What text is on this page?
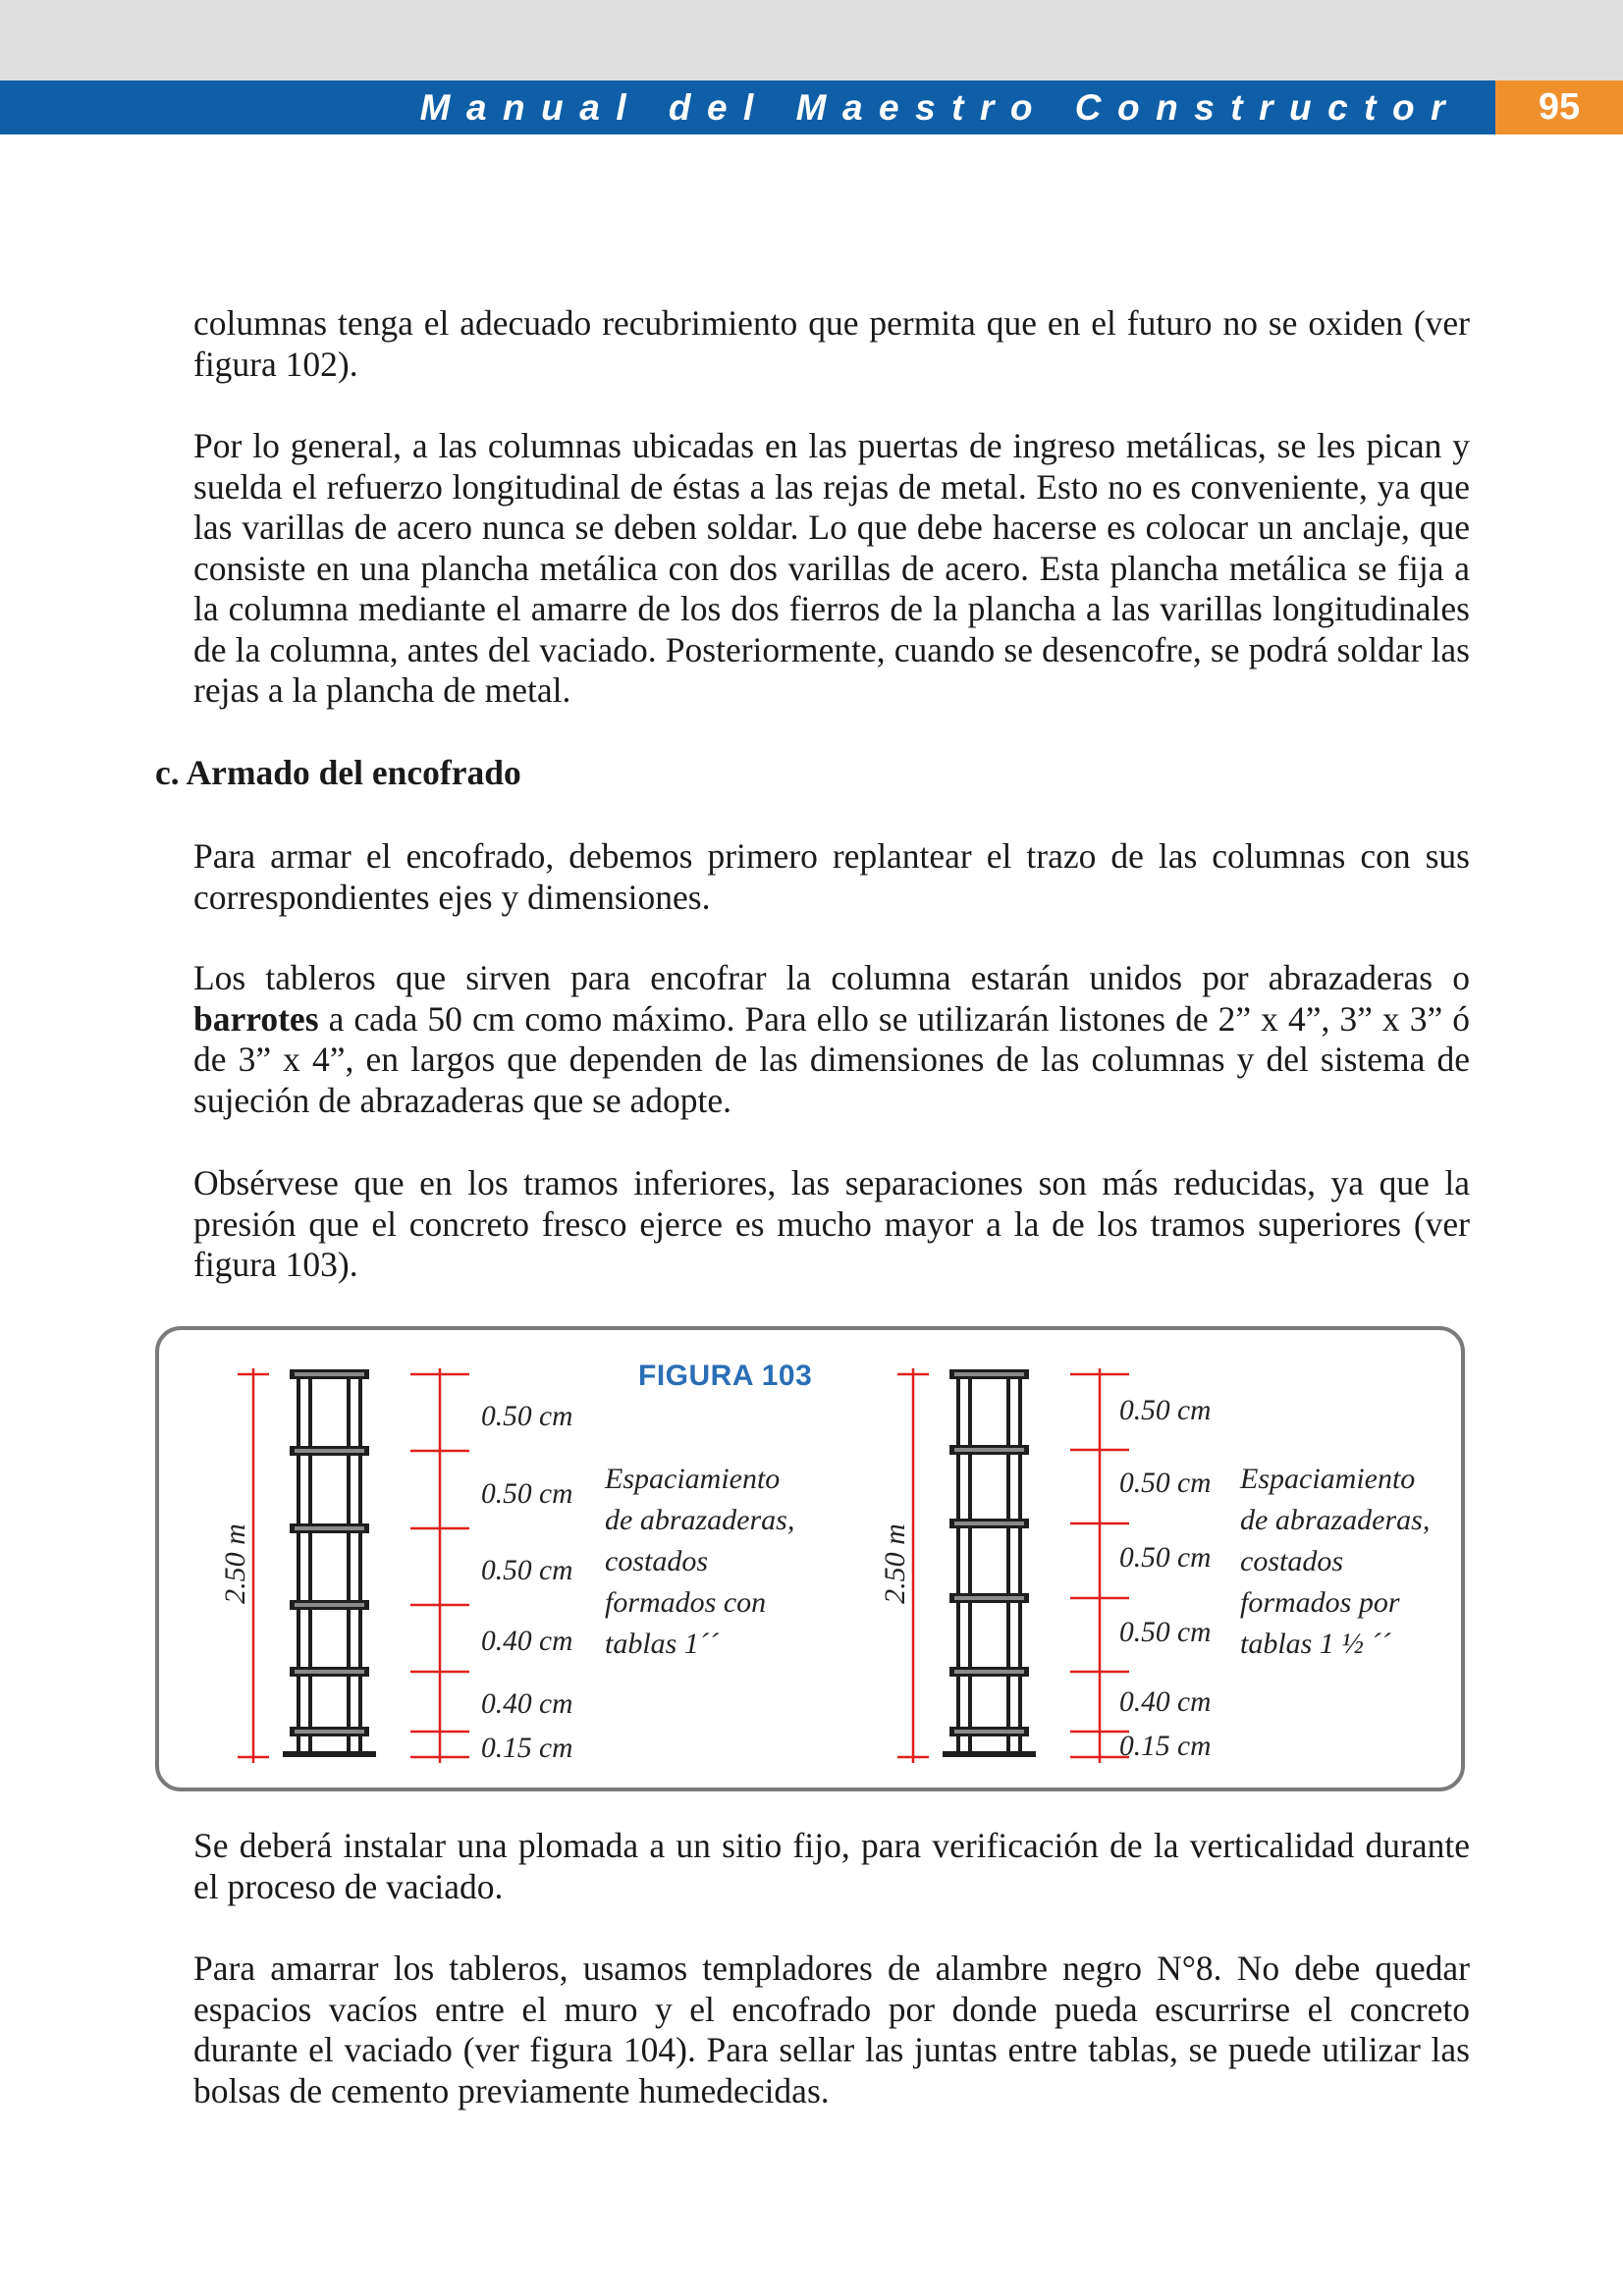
Manual del Maestro Constructor	95

columnas tenga el adecuado recubrimiento que permita que en el futuro no se oxiden (ver figura 102).

Por lo general, a las columnas ubicadas en las puertas de ingreso metálicas, se les pican y suelda el refuerzo longitudinal de éstas a las rejas de metal. Esto no es conveniente, ya que las varillas de acero nunca se deben soldar. Lo que debe hacerse es colocar un anclaje, que consiste en una plancha metálica con dos varillas de acero. Esta plancha metálica se fija a la columna mediante el amarre de los dos fierros de la plancha a las varillas longitudinales de la columna, antes del vaciado. Posteriormente, cuando se desencofre, se podrá soldar las rejas a la plancha de metal.

c. Armado del encofrado

Para armar el encofrado, debemos primero replantear el trazo de las columnas con sus correspondientes ejes y dimensiones.

Los tableros que sirven para encofrar la columna estarán unidos por abrazaderas o barrotes a cada 50 cm como máximo. Para ello se utilizarán listones de 2” x 4”, 3” x 3” ó de 3” x 4”, en largos que dependen de las dimensiones de las columnas y del sistema de sujeción de abrazaderas que se adopte.

Obsérvese que en los tramos inferiores, las separaciones son más reducidas, ya que la presión que el concreto fresco ejerce es mucho mayor a la de los tramos superiores (ver figura 103).

FIGURA 103

2.50 m
0.50 cm
0.50 cm
0.50 cm
0.40 cm
0.40 cm
0.15 cm
Espaciamiento
de abrazaderas,
costados
formados con
tablas 1´´
2.50 m
0.50 cm
0.50 cm
0.50 cm
0.50 cm
0.40 cm
0.15 cm
Espaciamiento
de abrazaderas,
costados
formados por
tablas 1 ½ ´´

Se deberá instalar una plomada a un sitio fijo, para verificación de la verticalidad durante el proceso de vaciado.

Para amarrar los tableros, usamos templadores de alambre negro N°8. No debe quedar espacios vacíos entre el muro y el encofrado por donde pueda escurrirse el concreto durante el vaciado (ver figura 104). Para sellar las juntas entre tablas, se puede utilizar las bolsas de cemento previamente humedecidas.
